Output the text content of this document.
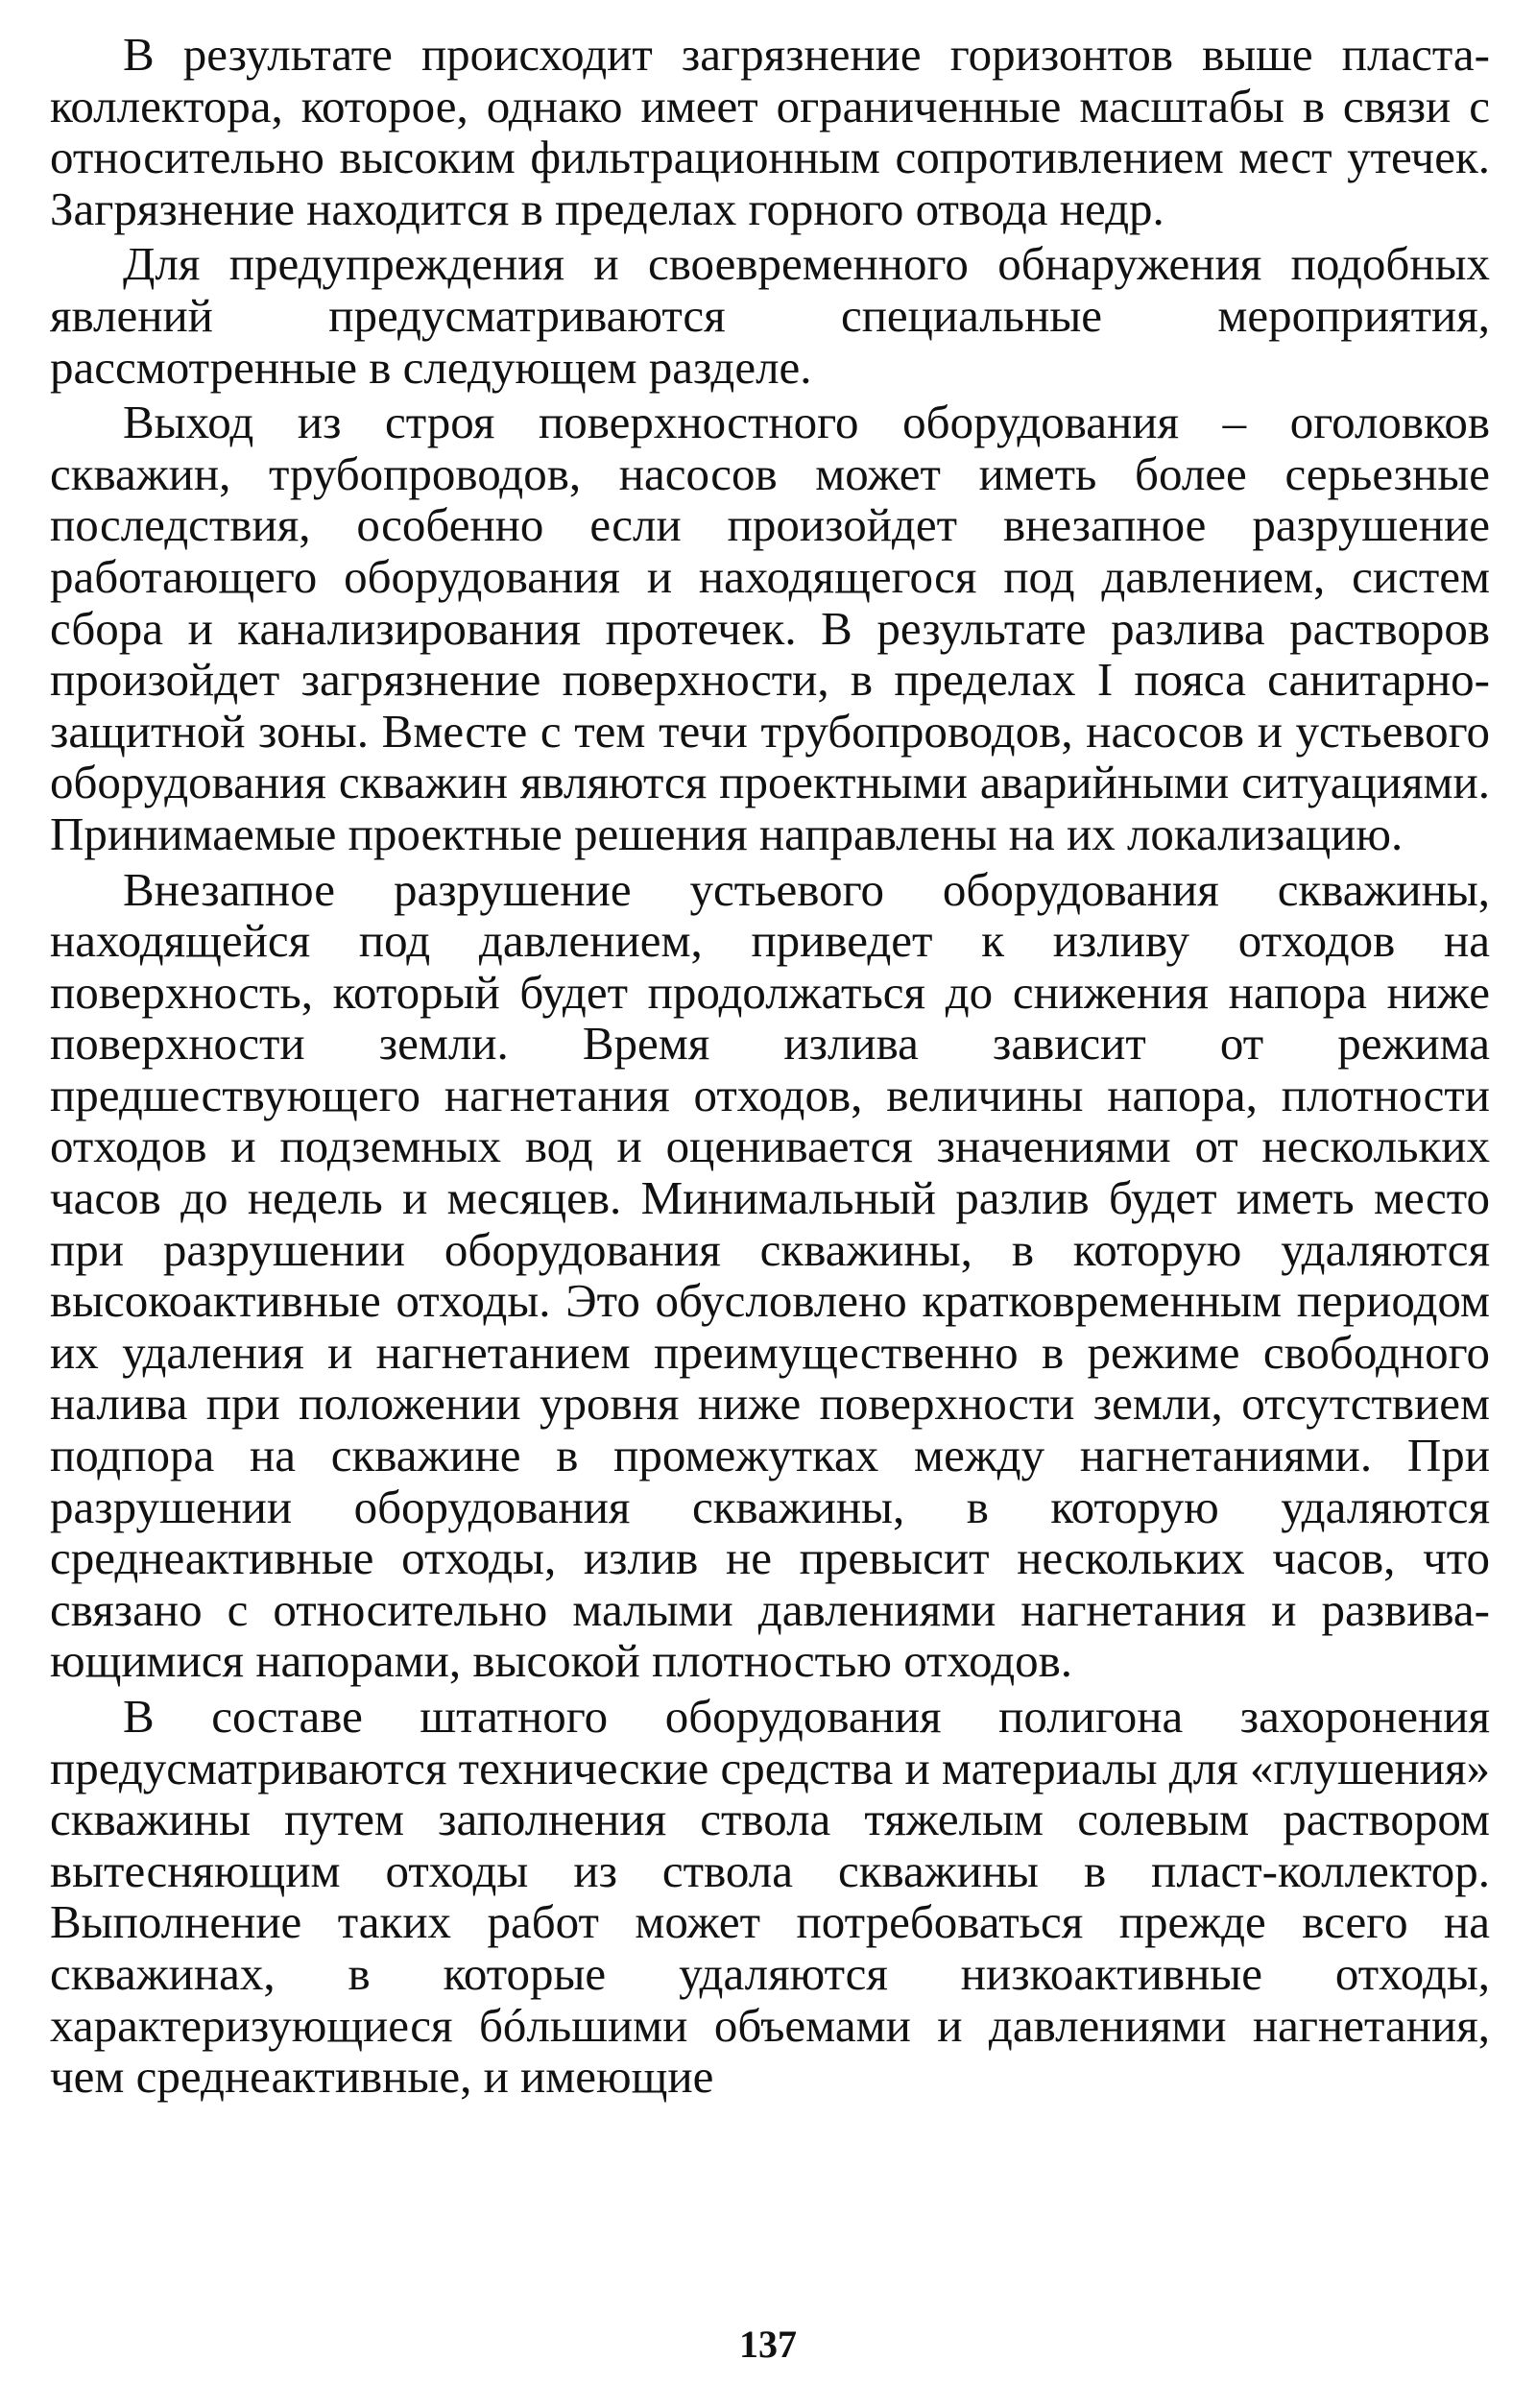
В результате происходит загрязнение горизонтов выше пласта-коллектора, которое, однако имеет ограниченные масштабы в связи с относительно высоким фильтрационным сопротивлением мест утечек. Загрязнение находится в пределах горного отвода недр.

Для предупреждения и своевременного обнаружения подобных явлений предусматриваются специальные мероприятия, рассмотренные в следующем разделе.

Выход из строя поверхностного оборудования – оголовков скважин, трубопроводов, насосов может иметь более серьезные последствия, особенно если произойдет внезапное разрушение работающего оборудования и находящегося под давлением, систем сбора и канализирования протечек. В результате разлива растворов произойдет загрязнение поверхности, в пределах I пояса санитарно-защитной зоны. Вместе с тем течи трубопроводов, насосов и устьевого оборудования скважин являются проектными аварийными ситуациями. Принимаемые проектные решения направлены на их локализацию.

Внезапное разрушение устьевого оборудования скважины, находящейся под давлением, приведет к изливу отходов на поверхность, который будет продолжаться до снижения напора ниже поверхности земли. Время излива зависит от режима предшествующего нагнетания отходов, величины напора, плотности отходов и подземных вод и оценивается значениями от нескольких часов до недель и месяцев. Минимальный разлив будет иметь место при разрушении оборудования скважины, в которую удаляются высокоактивные отходы. Это обусловлено кратковременным периодом их удаления и нагнетанием преимущественно в режиме свободного налива при положении уровня ниже поверхности земли, отсутствием подпора на скважине в промежутках между нагнетаниями. При разрушении оборудования скважины, в которую удаляются среднеактивные отходы, излив не превысит нескольких часов, что связано с относительно малыми давлениями нагнетания и развивающимися напорами, высокой плотностью отходов.

В составе штатного оборудования полигона захоронения предусматриваются технические средства и материалы для «глушения» скважины путем заполнения ствола тяжелым солевым раствором вытесняющим отходы из ствола скважины в пласт-коллектор. Выполнение таких работ может потребоваться прежде всего на скважинах, в которые удаляются низкоактивные отходы, характеризующиеся бóльшими объемами и давлениями нагнетания, чем среднеактивные, и имеющие

137
